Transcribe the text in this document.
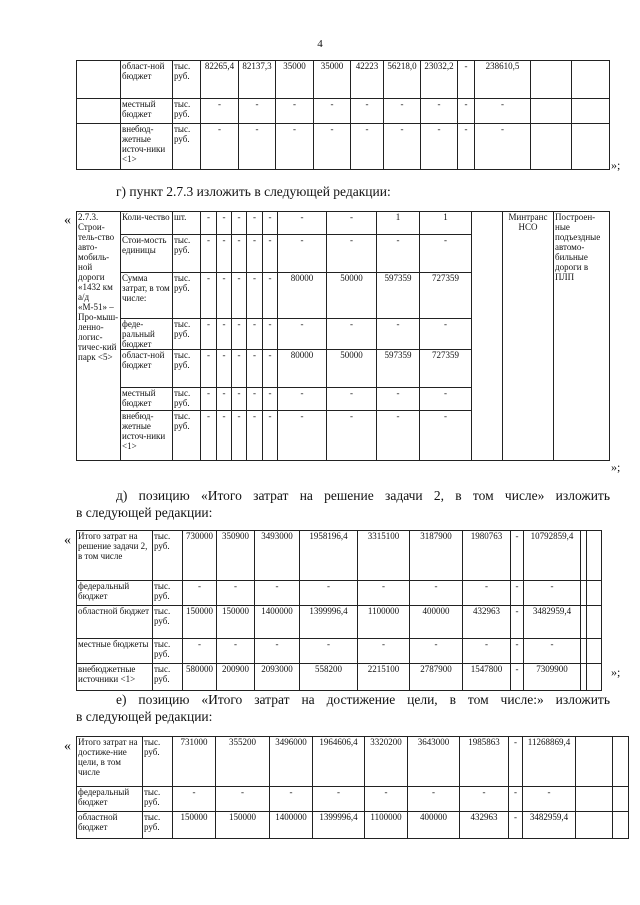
4
	област-ной бюджет	тыс. руб.	82265,4	82137,3	35000	35000	42223	56218,0	23032,2	-	238610,5		
	местный бюджет	тыс. руб.	-	-	-	-	-	-	-	-	-		
	внебюд-жетные источ-ники <1>	тыс. руб.	-	-	-	-	-	-	-	-	-		
»;
г) пункт 2.7.3 изложить в следующей редакции:
« 2.7.3. Строи-тель-ство авто-мобиль-ной дороги «1432 км а/д «М-51» – Про-мыш-ленно-логис-тичес-кий парк <5>	Коли-чество	шт.	-	-	-	-	-	-	-	1	1		Минтранс НСО	Построен-ные подъездные автомо-бильные дороги в ПЛП
	Стои-мость единицы	тыс. руб.	-	-	-	-	-	-	-	-	-			
	Сумма затрат, в том числе:	тыс. руб.	-	-	-	-	-	80000	50000	597359	727359			
	феде-ральный бюджет	тыс. руб.	-	-	-	-	-	-	-	-	-			
	област-ной бюджет	тыс. руб.	-	-	-	-	-	80000	50000	597359	727359			
	местный бюджет	тыс. руб.	-	-	-	-	-	-	-	-	-			
	внебюд-жетные источ-ники <1>	тыс. руб.	-	-	-	-	-	-	-	-	-			
»;
д) позицию «Итого затрат на решение задачи 2, в том числе» изложить
в следующей редакции:
« Итого затрат на решение задачи 2, в том числе	тыс. руб.	730000	350900	3493000	1958196,4	3315100	3187900	1980763	-	10792859,4		
федеральный бюджет	тыс. руб.	-	-	-	-	-	-	-	-	-		
областной бюджет	тыс. руб.	150000	150000	1400000	1399996,4	1100000	400000	432963	-	3482959,4		
местные бюджеты	тыс. руб.	-	-	-	-	-	-	-	-	-		
внебюджетные источники <1>	тыс. руб.	580000	200900	2093000	558200	2215100	2787900	1547800	-	7309900			»;
е) позицию «Итого затрат на достижение цели, в том числе:» изложить
в следующей редакции:
« Итого затрат на достиже-ние цели, в том числе	тыс. руб.	731000	355200	3496000	1964606,4	3320200	3643000	1985863	-	11268869,4		
федеральный бюджет	тыс. руб.	-	-	-	-	-	-	-	-	-		
областной бюджет	тыс. руб.	150000	150000	1400000	1399996,4	1100000	400000	432963	-	3482959,4		
